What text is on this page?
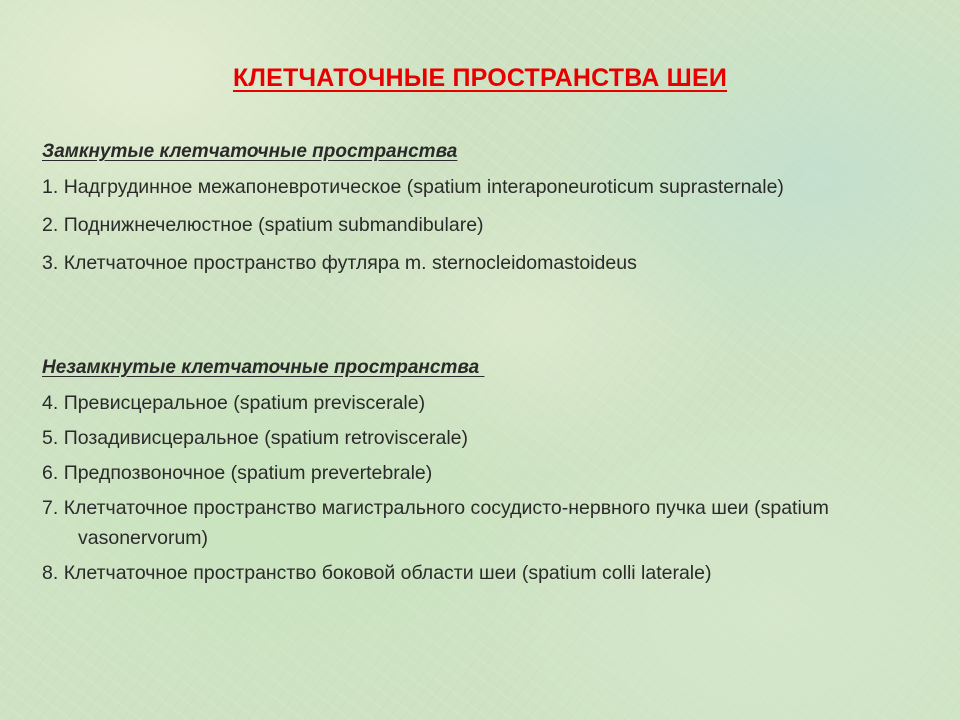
КЛЕТЧАТОЧНЫЕ ПРОСТРАНСТВА ШЕИ
Замкнутые клетчаточные пространства
1. Надгрудинное межапоневротическое (spatium interaponeuroticum suprasternale)
2. Поднижнечелюстное (spatium submandibulare)
3. Клетчаточное пространство футляра m. sternocleidomastoideus
Незамкнутые клетчаточные пространства
4. Превисцеральное (spatium previscerale)
5. Позадивисцеральное (spatium retroviscerale)
6. Предпозвоночное (spatium prevertebrale)
7. Клетчаточное пространство магистрального сосудисто-нервного пучка шеи (spatium vasonervorum)
8. Клетчаточное пространство боковой области шеи (spatium colli laterale)
